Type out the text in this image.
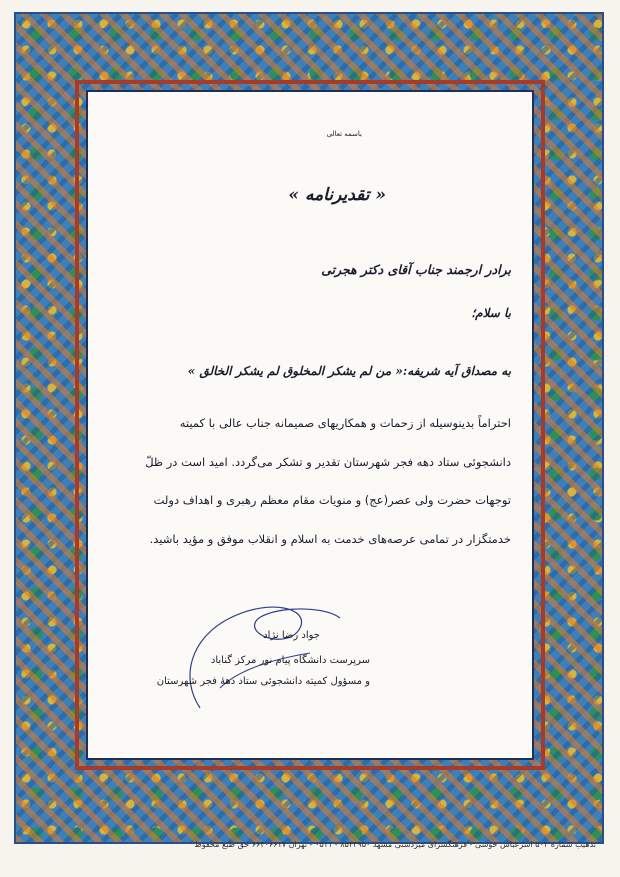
باسمه تعالی
« تقدیرنامه »
برادر ارجمند جناب آقای دکتر هجرتی
با سلام؛
به مصداق آیه شریفه:« من لم یشکر المخلوق لم یشکر الخالق »
احتراماً بدینوسیله از زحمات و همکاریهای صمیمانه جناب عالی با کمیته
دانشجوئی ستاد دهه فجر شهرستان تقدیر و تشکر می‌گردد. امید است در ظلّ
توجهات حضرت ولی عصر(عج) و منویات مقام معظم رهبری و اهداف دولت
خدمتگزار در تمامی عرصه‌های خدمت به اسلام و انقلاب موفق و مؤید باشید.
جواد رضا نژاد
سرپرست دانشگاه پیام نور مرکز گناباد
و مسؤول کمیته دانشجوئی ستاد دهۀ فجر شهرستان
تذهیب شماره ۵۰۲ اسرعباس خوسی - فرهنگسرای میردشتی مشهد ۸۵۴۲۹۵۰ - ۰۵۱۱ - تهران ۶۶۴۰۶۶۱۷ حق طبع محفوظ
